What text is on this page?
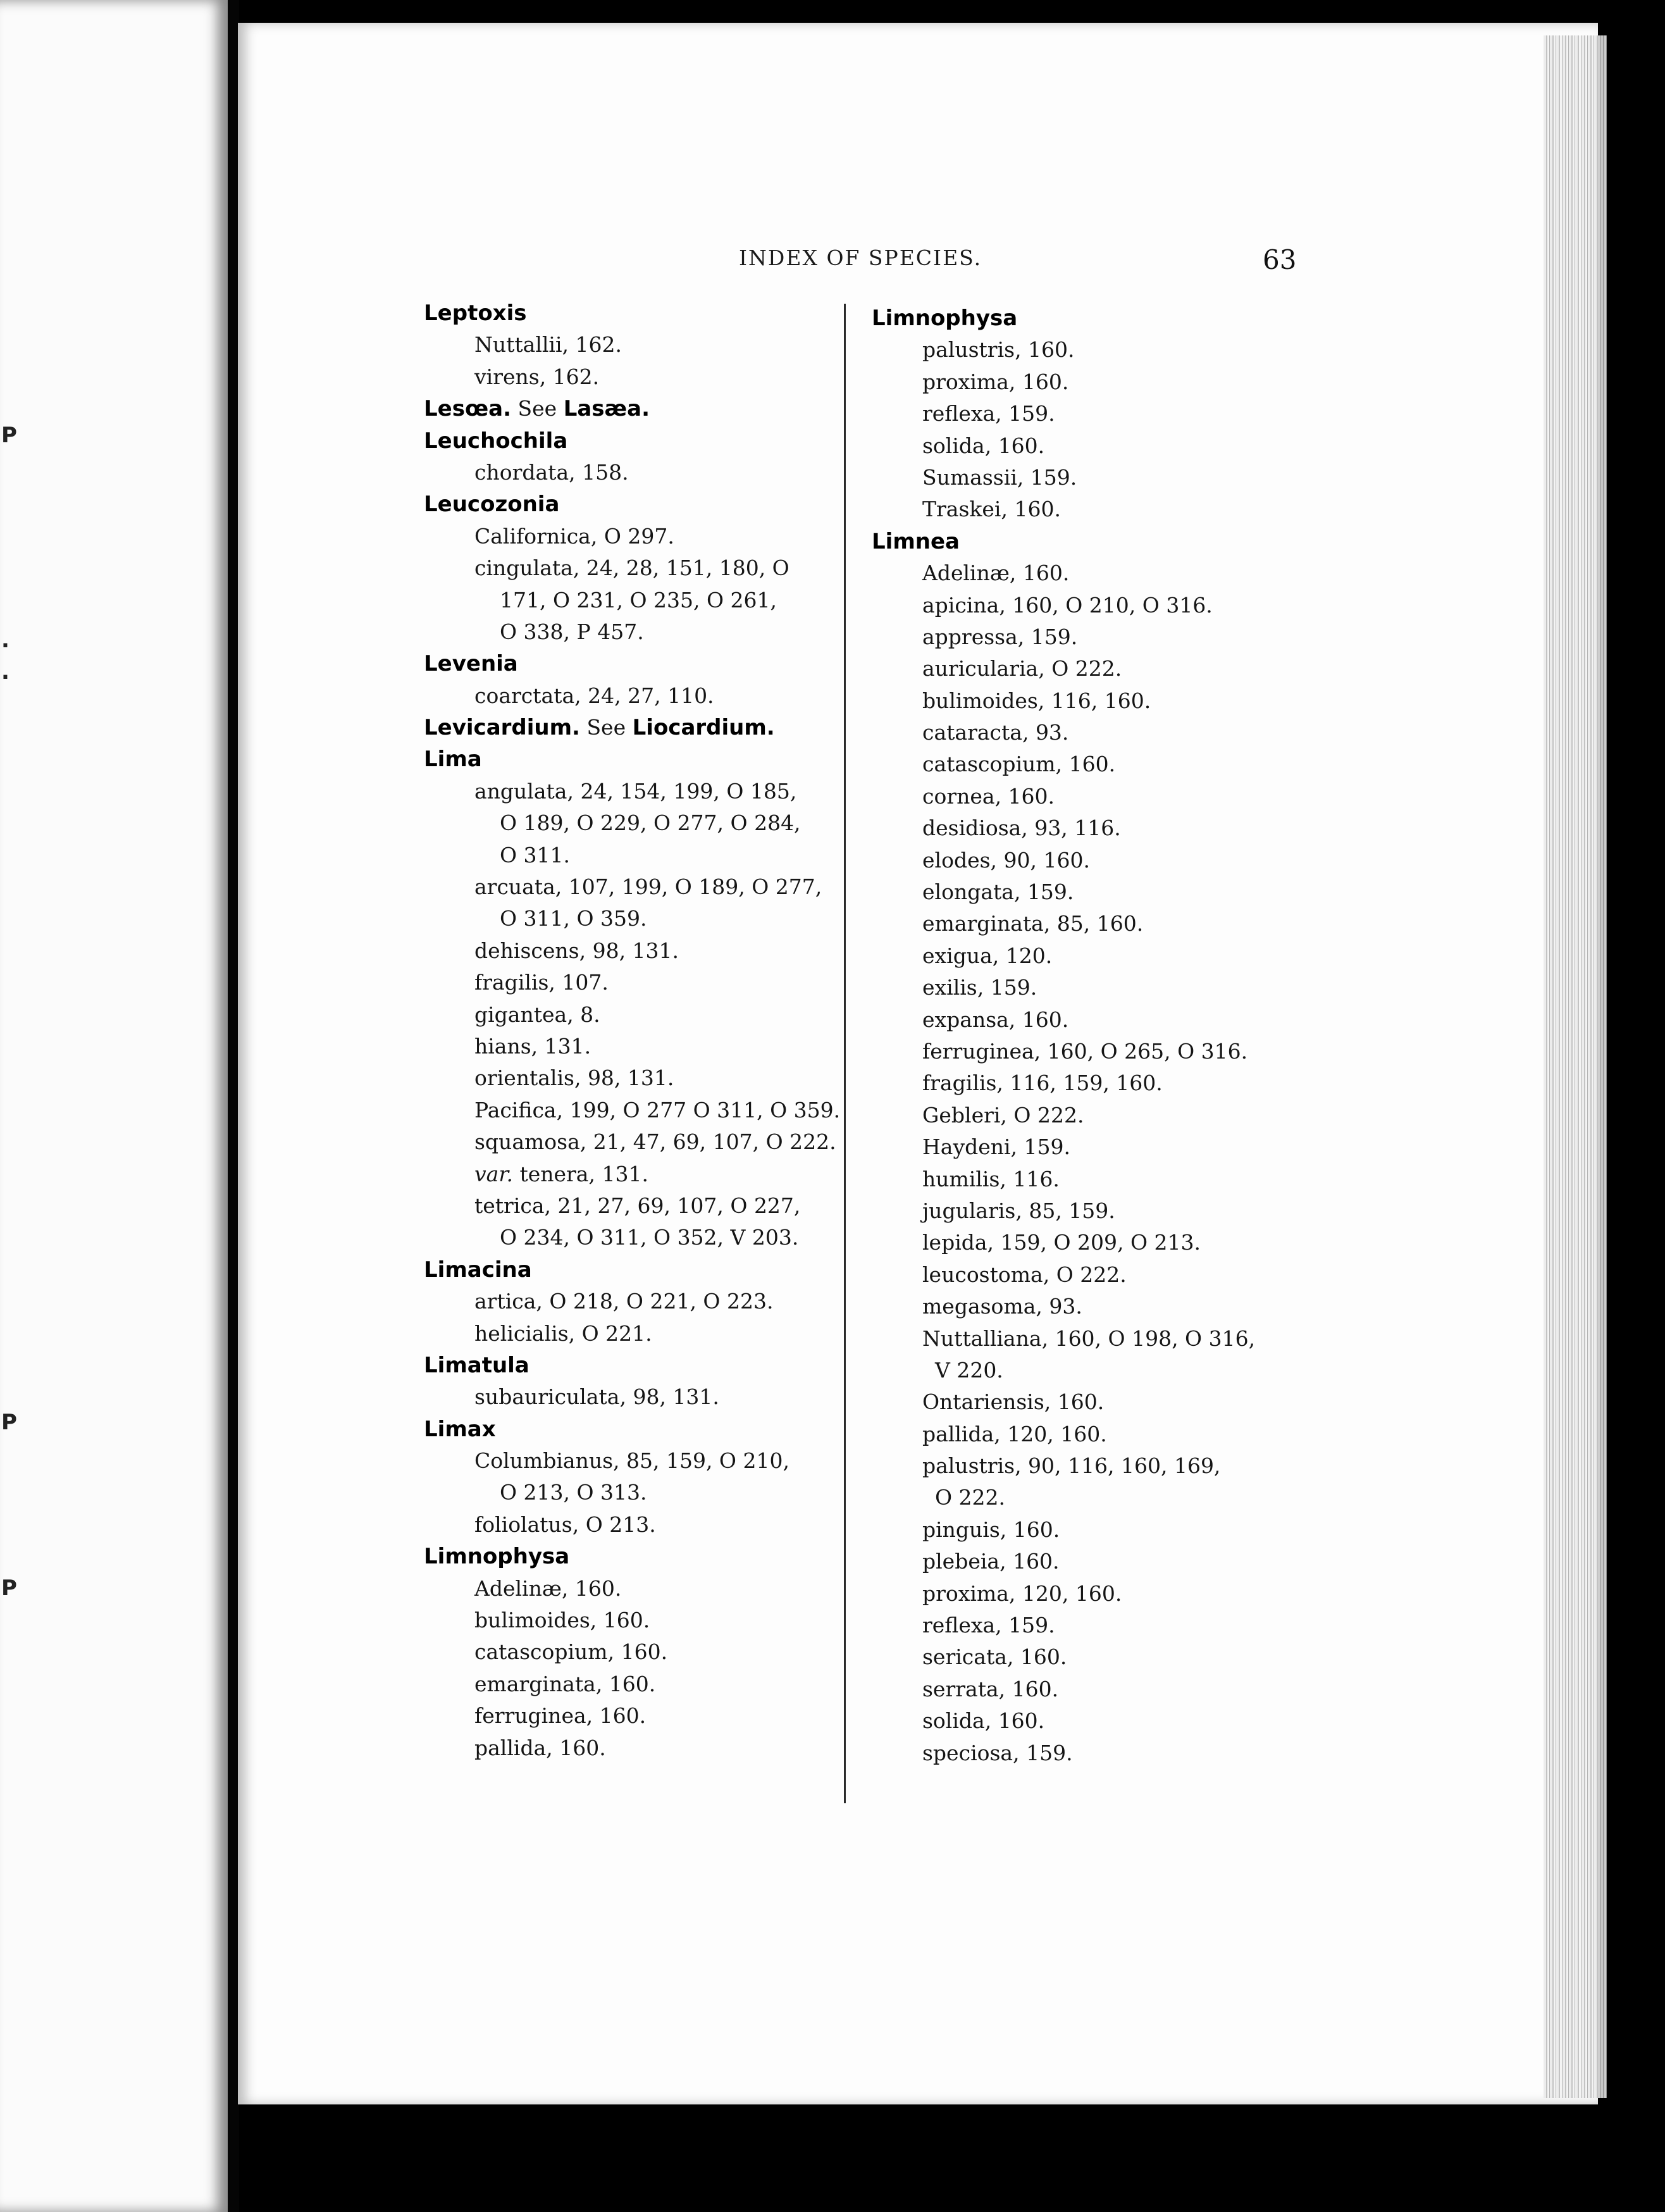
P
.
.
P
P
INDEX OF SPECIES.	63
Leptoxis
Nuttallii, 162.
virens, 162.
Lesœa. See Lasæa.
Leuchochila
chordata, 158.
Leucozonia
Californica, O 297.
cingulata, 24, 28, 151, 180, O
171, O 231, O 235, O 261,
O 338, P 457.
Levenia
coarctata, 24, 27, 110.
Levicardium. See Liocardium.
Lima
angulata, 24, 154, 199, O 185,
O 189, O 229, O 277, O 284,
O 311.
arcuata, 107, 199, O 189, O 277,
O 311, O 359.
dehiscens, 98, 131.
fragilis, 107.
gigantea, 8.
hians, 131.
orientalis, 98, 131.
Pacifica, 199, O 277 O 311, O 359.
squamosa, 21, 47, 69, 107, O 222.
var. tenera, 131.
tetrica, 21, 27, 69, 107, O 227,
O 234, O 311, O 352, V 203.
Limacina
artica, O 218, O 221, O 223.
helicialis, O 221.
Limatula
subauriculata, 98, 131.
Limax
Columbianus, 85, 159, O 210,
O 213, O 313.
foliolatus, O 213.
Limnophysa
Adelinæ, 160.
bulimoides, 160.
catascopium, 160.
emarginata, 160.
ferruginea, 160.
pallida, 160.
Limnophysa
palustris, 160.
proxima, 160.
reflexa, 159.
solida, 160.
Sumassii, 159.
Traskei, 160.
Limnea
Adelinæ, 160.
apicina, 160, O 210, O 316.
appressa, 159.
auricularia, O 222.
bulimoides, 116, 160.
cataracta, 93.
catascopium, 160.
cornea, 160.
desidiosa, 93, 116.
elodes, 90, 160.
elongata, 159.
emarginata, 85, 160.
exigua, 120.
exilis, 159.
expansa, 160.
ferruginea, 160, O 265, O 316.
fragilis, 116, 159, 160.
Gebleri, O 222.
Haydeni, 159.
humilis, 116.
jugularis, 85, 159.
lepida, 159, O 209, O 213.
leucostoma, O 222.
megasoma, 93.
Nuttalliana, 160, O 198, O 316,
V 220.
Ontariensis, 160.
pallida, 120, 160.
palustris, 90, 116, 160, 169,
O 222.
pinguis, 160.
plebeia, 160.
proxima, 120, 160.
reflexa, 159.
sericata, 160.
serrata, 160.
solida, 160.
speciosa, 159.
